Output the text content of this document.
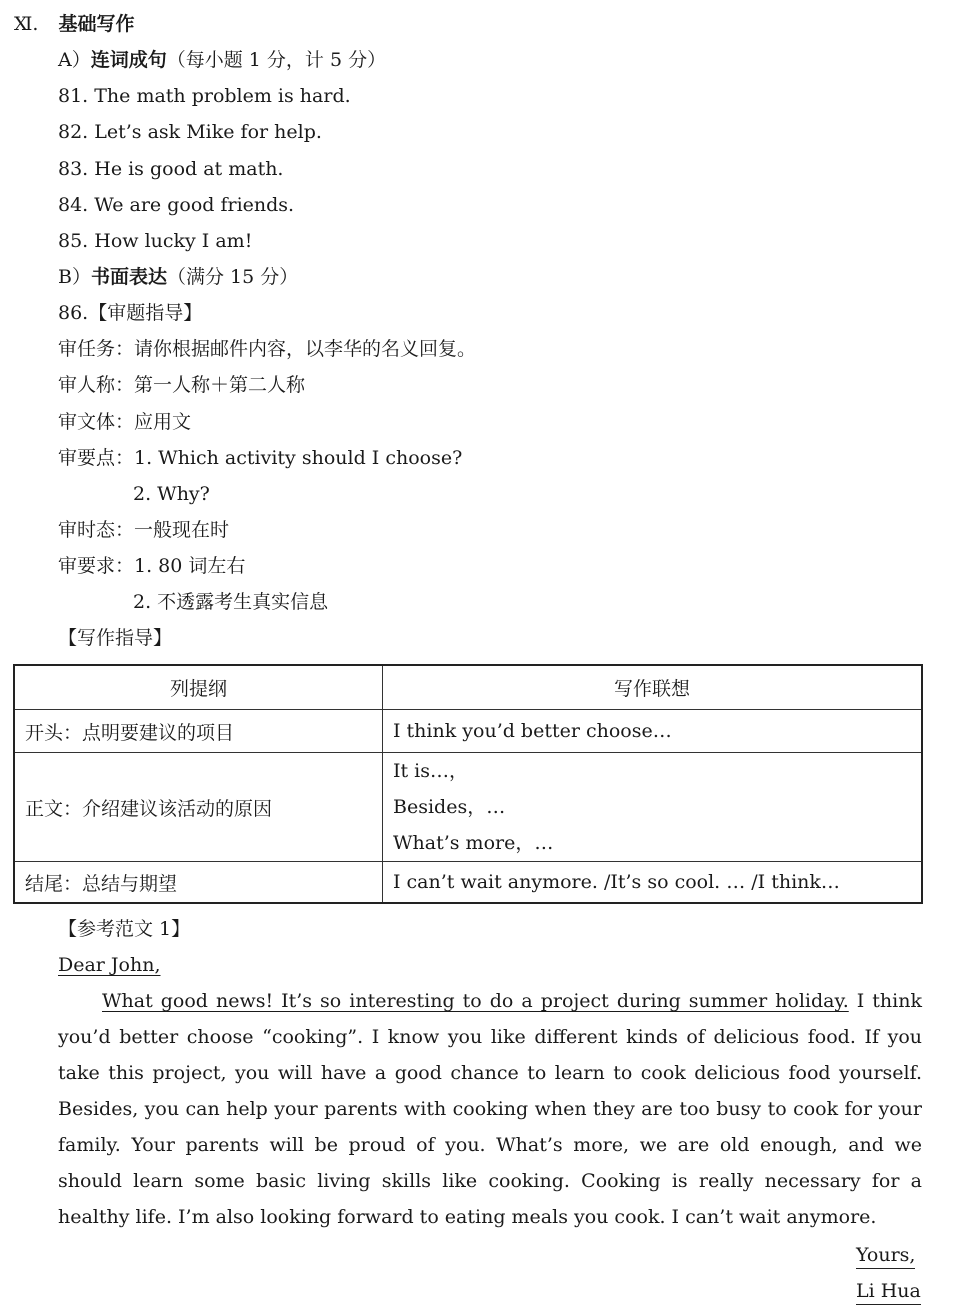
Ⅺ. 基础写作
A）连词成句（每小题 1 分，计 5 分）
81. The math problem is hard.
82. Let’s ask Mike for help.
83. He is good at math.
84. We are good friends.
85. How lucky I am!
B）书面表达（满分 15 分）
86.【审题指导】
审任务：请你根据邮件内容，以李华的名义回复。
审人称：第一人称＋第二人称
审文体：应用文
审要点：1. Which activity should I choose?
2. Why?
审时态：一般现在时
审要求：1. 80 词左右
2. 不透露考生真实信息
【写作指导】
列提纲	写作联想
开头：点明要建议的项目	I think you’d better choose…
正文：介绍建议该活动的原因	It is…，
Besides，…
What’s more，…

结尾：总结与期望	I can’t wait anymore. /It’s so cool. … /I think…
【参考范文 1】
Dear John,
What good news! It’s so interesting to do a project during summer holiday. I think you’d better choose “cooking”. I know you like different kinds of delicious food. If you take this project, you will have a good chance to learn to cook delicious food yourself. Besides, you can help your parents with cooking when they are too busy to cook for your family. Your parents will be proud of you. What’s more, we are old enough, and we should learn some basic living skills like cooking. Cooking is really necessary for a healthy life. I’m also looking forward to eating meals you cook. I can’t wait anymore.
Yours,
Li Hua
